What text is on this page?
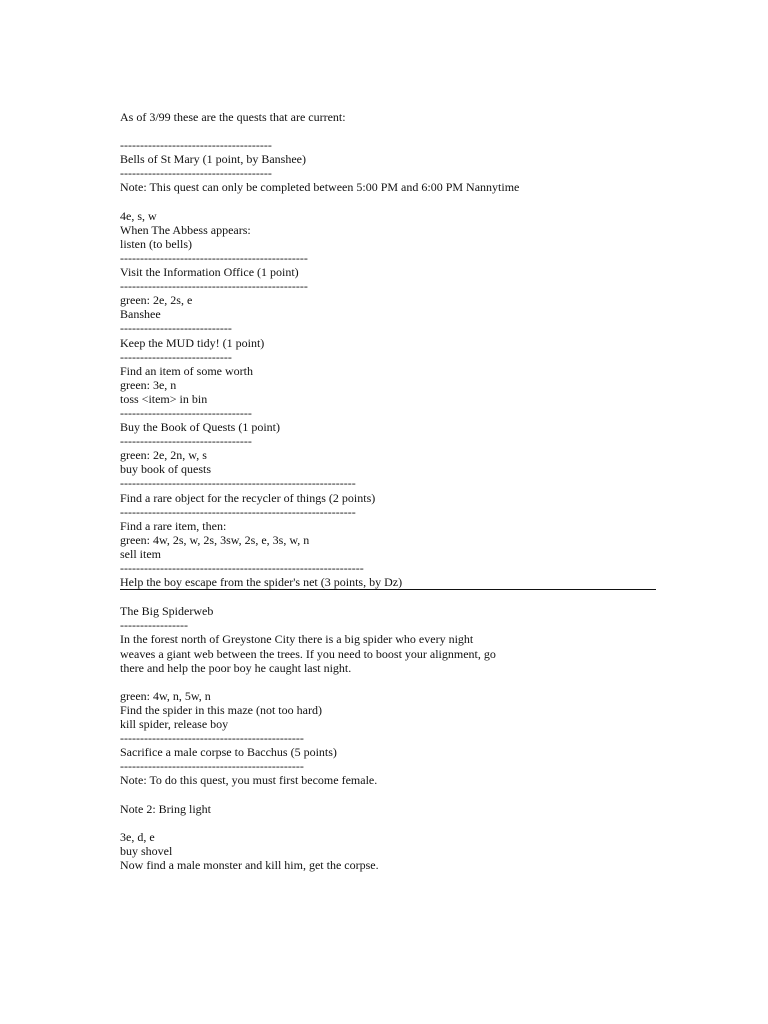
As of 3/99 these are the quests that are current:
--------------------------------------
Bells of St Mary (1 point, by Banshee)
--------------------------------------
Note: This quest can only be completed between 5:00 PM and 6:00 PM Nannytime
4e, s, w
When The Abbess appears:
listen (to bells)
-----------------------------------------------
Visit the Information Office (1 point)
-----------------------------------------------
green: 2e, 2s, e
Banshee
----------------------------
Keep the MUD tidy! (1 point)
----------------------------
Find an item of some worth
green: 3e, n
toss <item> in bin
---------------------------------
Buy the Book of Quests (1 point)
---------------------------------
green: 2e, 2n, w, s
buy book of quests
-----------------------------------------------------------
Find a rare object for the recycler of things (2 points)
-----------------------------------------------------------
Find a rare item, then:
green: 4w, 2s, w, 2s, 3sw, 2s, e, 3s, w, n
sell item
-------------------------------------------------------------
Help the boy escape from the spider's net (3 points, by Dz)
The Big Spiderweb
-----------------
In the forest north of Greystone City there is a big spider who every night
weaves a giant web between the trees. If you need to boost your alignment, go
there and help the poor boy he caught last night.
green: 4w, n, 5w, n
Find the spider in this maze (not too hard)
kill spider, release boy
----------------------------------------------
Sacrifice a male corpse to Bacchus (5 points)
----------------------------------------------
Note: To do this quest, you must first become female.
Note 2: Bring light
3e, d, e
buy shovel
Now find a male monster and kill him, get the corpse.
